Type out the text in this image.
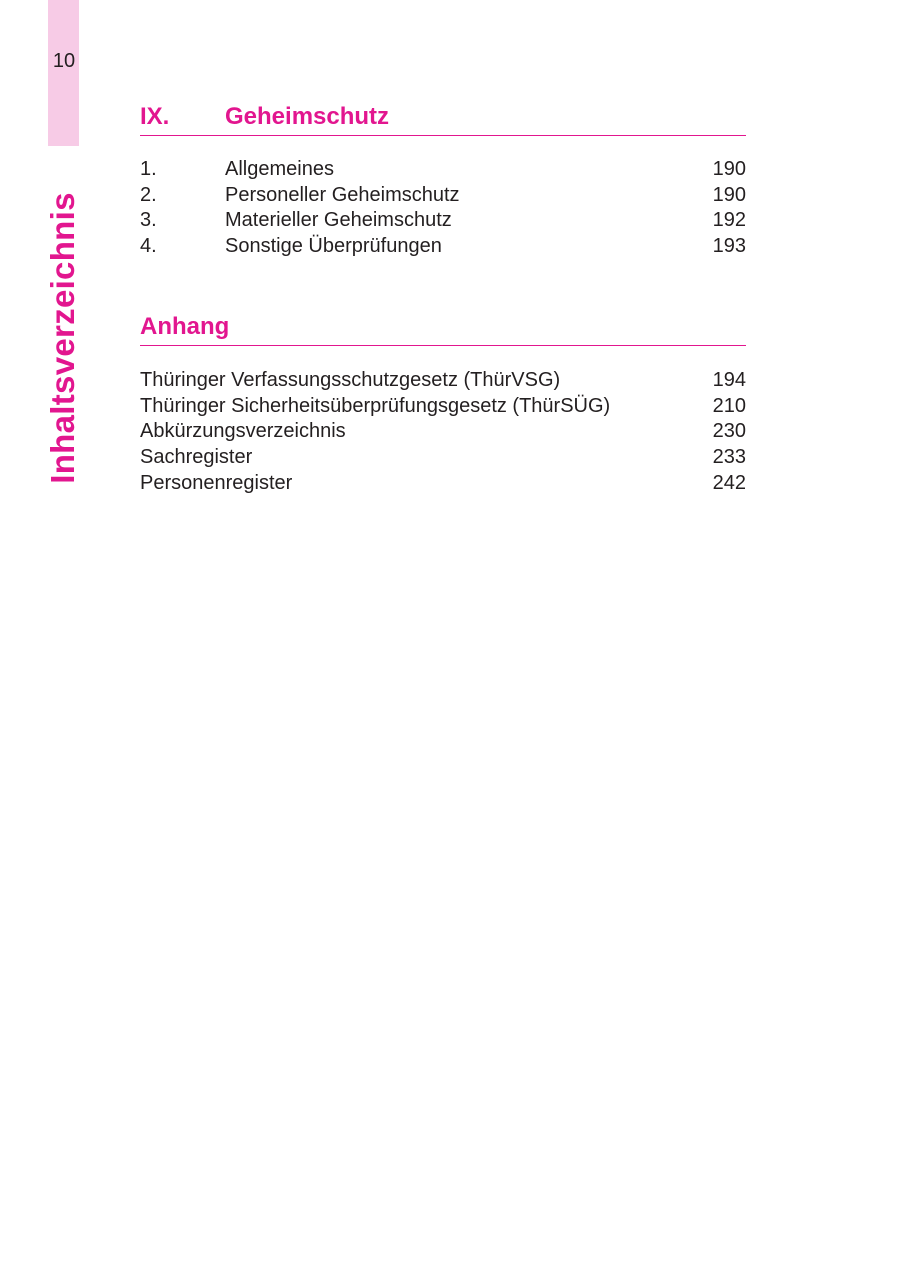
10
Inhaltsverzeichnis
IX. Geheimschutz
1.	Allgemeines	190
2.	Personeller Geheimschutz	190
3.	Materieller Geheimschutz	192
4.	Sonstige Überprüfungen	193
Anhang
Thüringer Verfassungsschutzgesetz (ThürVSG)	194
Thüringer Sicherheitsüberprüfungsgesetz (ThürSÜG)	210
Abkürzungsverzeichnis	230
Sachregister	233
Personenregister	242
